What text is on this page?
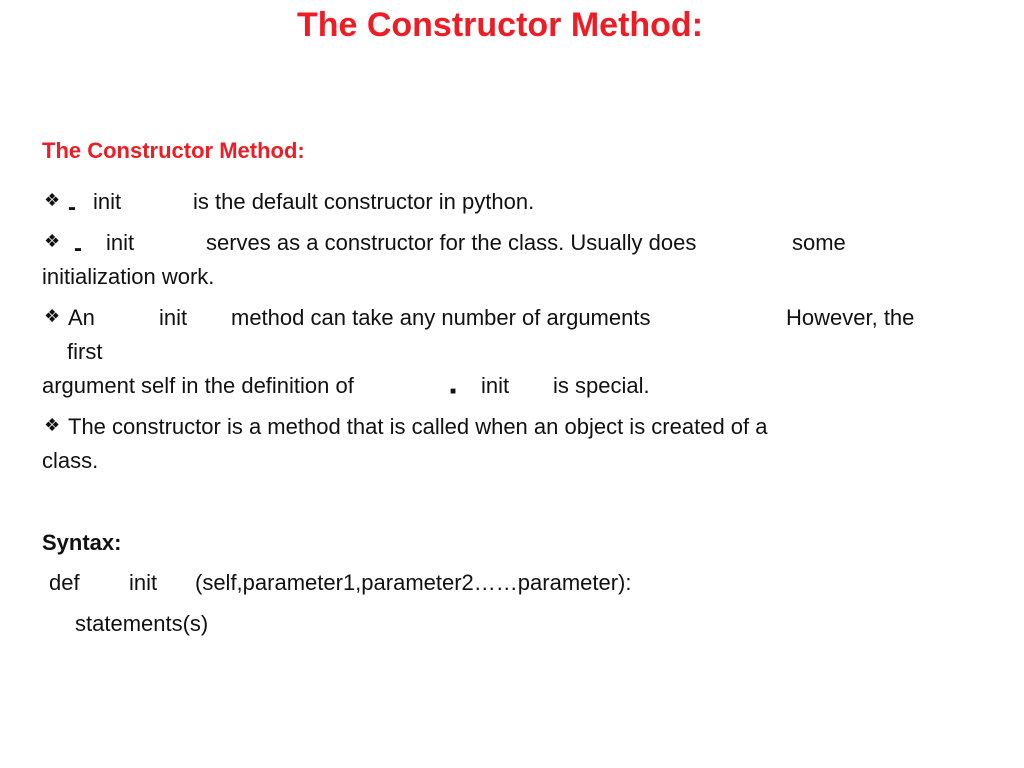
The Constructor Method:
The Constructor Method:
❖ - init	is the default constructor in python.
❖ - init	serves as a constructor for the class. Usually does	some
initialization work.
❖ An	init method can take any number of arguments	However, the
first
argument self in the definition of	■ init is special.
❖ The constructor is a method that is called when an object is created of a
class.
Syntax:
def init (self,parameter1,parameter2……parameter):
statements(s)
